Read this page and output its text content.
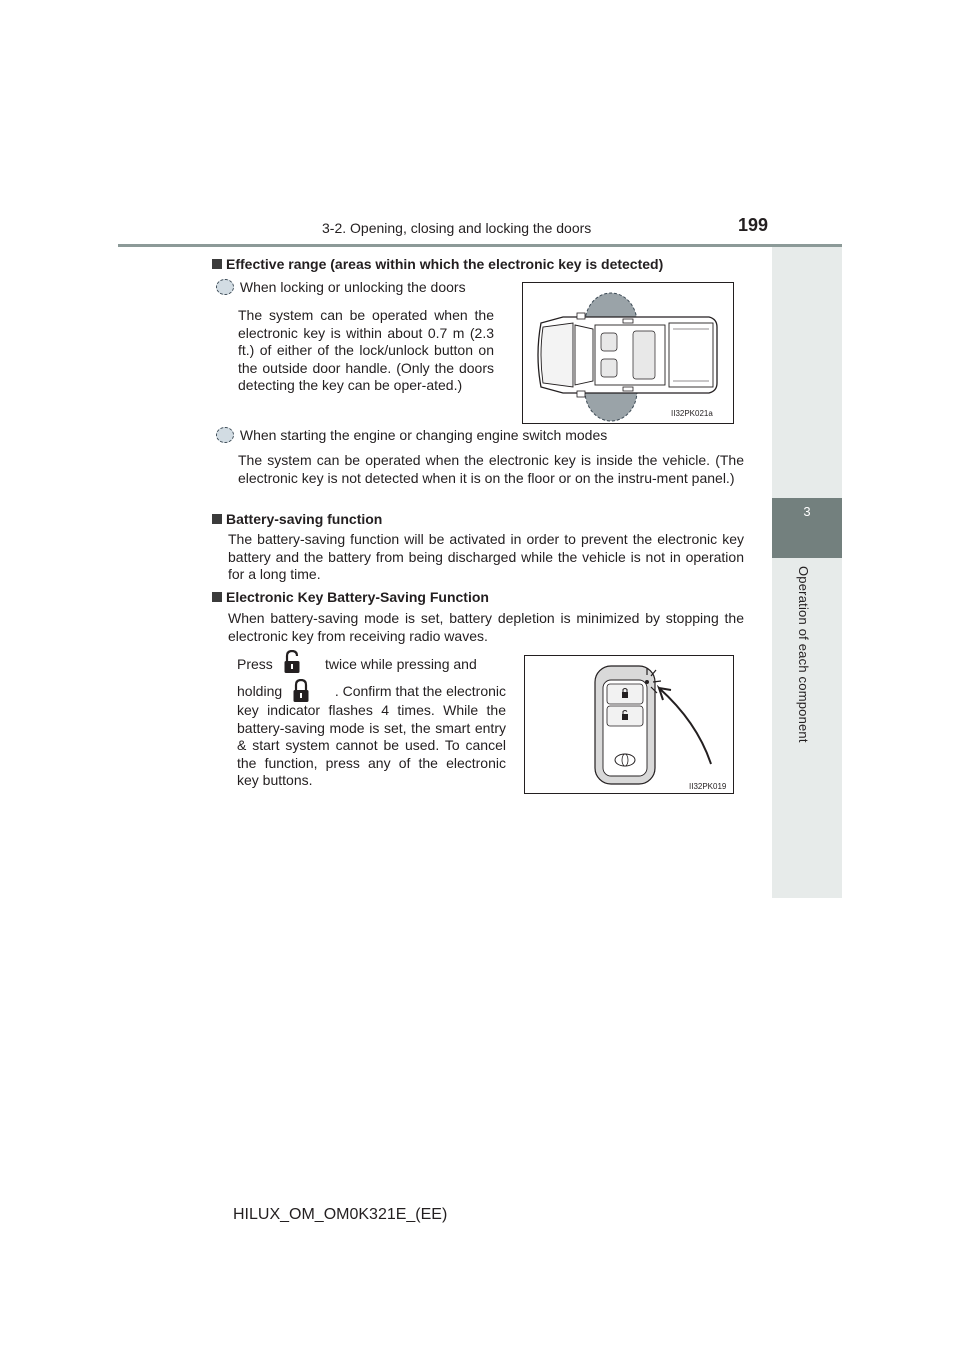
3-2. Opening, closing and locking the doors	199
3
Operation of each component
Effective range (areas within which the electronic key is detected)
When locking or unlocking the doors
The system can be operated when the electronic key is within about 0.7 m (2.3 ft.) of either of the lock/unlock button on the outside door handle. (Only the doors detecting the key can be oper-ated.)
II32PK021a
When starting the engine or changing engine switch modes
The system can be operated when the electronic key is inside the vehicle. (The electronic key is not detected when it is on the floor or on the instru-ment panel.)
Battery-saving function
The battery-saving function will be activated in order to prevent the electronic key battery and the battery from being discharged while the vehicle is not in operation for a long time.
Electronic Key Battery-Saving Function
When battery-saving mode is set, battery depletion is minimized by stopping the electronic key from receiving radio waves.
Press	twice while pressing and
holding	. Confirm that the electronic
key indicator flashes 4 times. While the battery-saving mode is set, the smart entry & start system cannot be used. To cancel the function, press any of the electronic key buttons.	II32PK019
HILUX_OM_OM0K321E_(EE)
